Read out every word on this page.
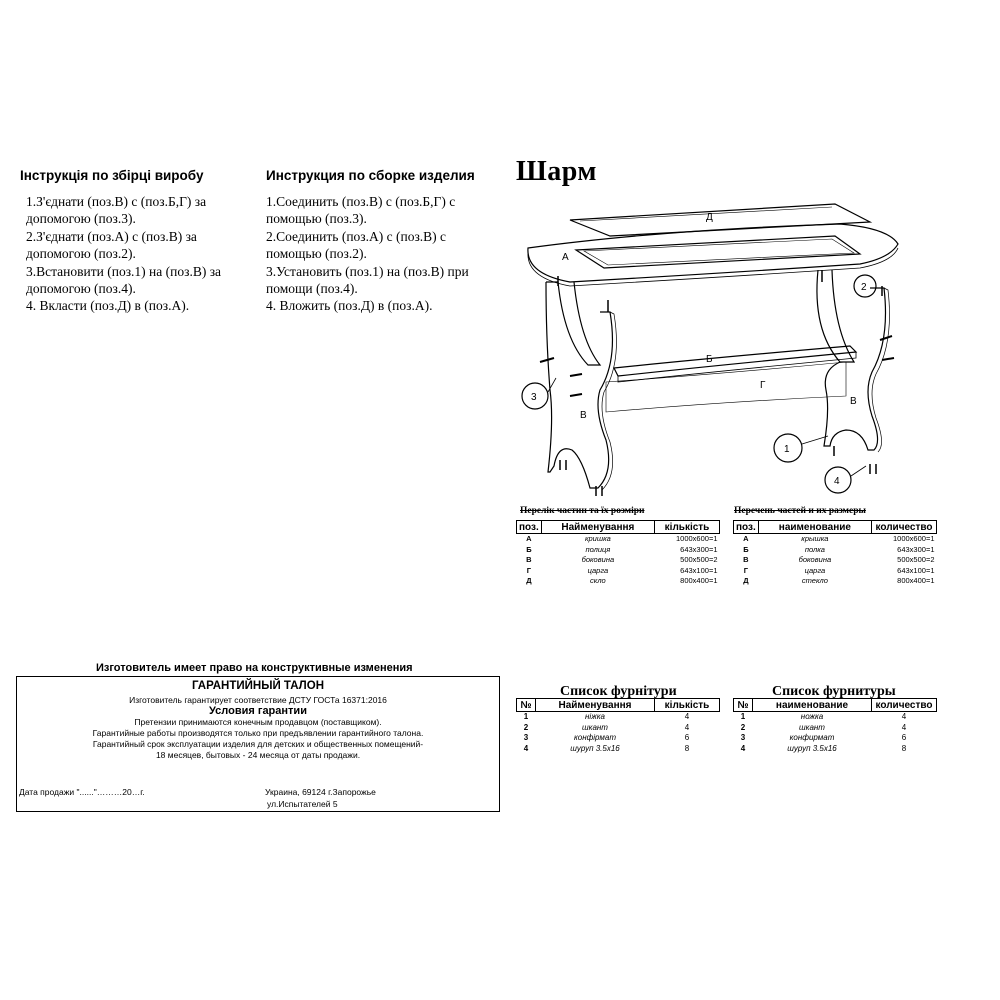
Інструкція по збірці виробу
1.З'єднати (поз.В) с (поз.Б,Г) за
допомогою (поз.3).
2.З'єднати (поз.А) с (поз.В) за
допомогою (поз.2).
3.Встановити (поз.1) на (поз.В) за
допомогою (поз.4).
4. Вкласти (поз.Д) в (поз.А).
Инструкция по сборке изделия
1.Соединить (поз.В) с (поз.Б,Г) с
помощью (поз.3).
2.Соединить (поз.А) с (поз.В) с
помощью (поз.2).
3.Установить (поз.1) на (поз.В) при
помощи (поз.4).
4. Вложить (поз.Д) в (поз.А).
Шарм
Д
А
Б
Г
В
В
2
3
1
4
Перелік частин та їх розміри
поз.	Найменування	кількість
А	кришка	1000x600=1
Б	полиця	643x300=1
В	боковина	500x500=2
Г	царга	643x100=1
Д	скло	800x400=1
Перечень частей и их размеры
поз.	наименование	количество
А	крышка	1000x600=1
Б	полка	643x300=1
В	боковина	500x500=2
Г	царга	643x100=1
Д	стекло	800x400=1
Изготовитель имеет право на конструктивные изменения
ГАРАНТИЙНЫЙ ТАЛОН
Изготовитель гарантирует соответствие ДСТУ ГОСТа 16371:2016
Условия гарантии
Претензии принимаются конечным продавцом (поставщиком).
Гарантийные работы производятся только при предъявлении гарантийного талона.
Гарантийный срок эксплуатации изделия для детских и общественных помещений-
18 месяцев, бытовых - 24 месяца от даты продажи.
Дата продажи "......"………20…г.	Украина, 69124 г.Запорожье
ул.Испытателей 5
Список фурнітури
№	Найменування	кількість
1	ніжка	4
2	шкант	4
3	конфірмат	6
4	шуруп 3.5х16	8
Список фурнитуры
№	наименование	количество
1	ножка	4
2	шкант	4
3	конфирмат	6
4	шуруп 3.5х16	8
